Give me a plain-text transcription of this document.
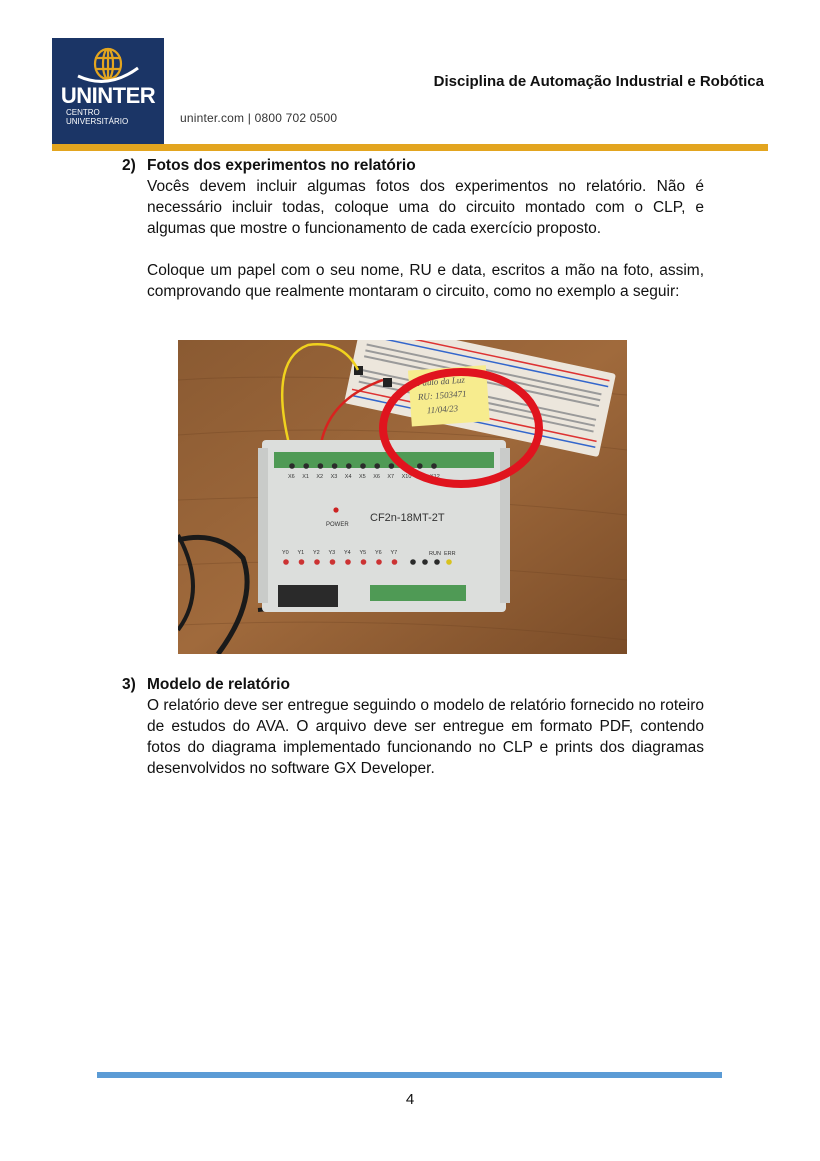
UNINTER
CENTRO
UNIVERSITÁRIO	uninter.com | 0800 702 0500
Disciplina de Automação Industrial e Robótica
2) Fotos dos experimentos no relatório

Vocês devem incluir algumas fotos dos experimentos no relatório. Não é necessário incluir todas, coloque uma do circuito montado com o CLP, e algumas que mostre o funcionamento de cada exercício proposto.

Coloque um papel com o seu nome, RU e data, escritos a mão na foto, assim, comprovando que realmente montaram o circuito, como no exemplo a seguir:

Paulo da Luz
RU: 1503471
11/04/23
X6 X1 X2 X3 X4 X5 X6 X7 X10 X11 X12
Y0 Y1 Y2 Y3 Y4 Y5 Y6 Y7
POWER
CF2n-18MT-2T
RUN ERR
3) Modelo de relatório

O relatório deve ser entregue seguindo o modelo de relatório fornecido no roteiro de estudos do AVA. O arquivo deve ser entregue em formato PDF, contendo fotos do diagrama implementado funcionando no CLP e prints dos diagramas desenvolvidos no software GX Developer.

4
